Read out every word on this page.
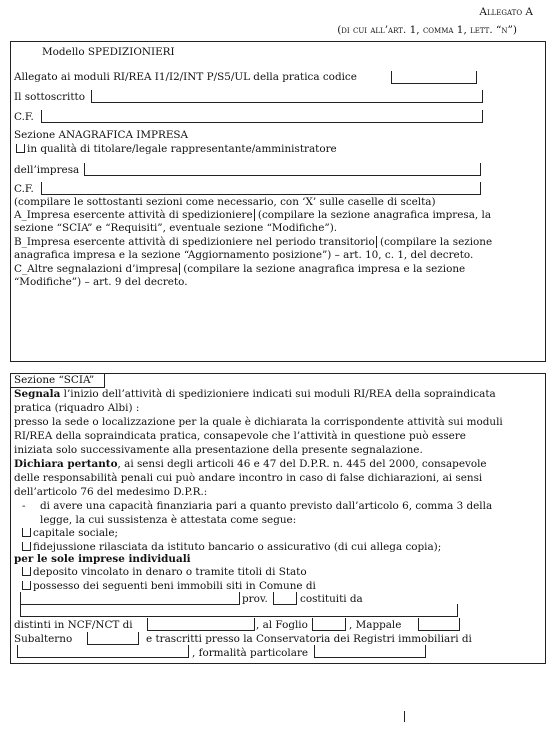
Allegato A
(di cui all’art. 1, comma 1, lett. “n”)
Modello SPEDIZIONIERI
Allegato ai moduli RI/REA I1/I2/INT P/S5/UL della pratica codice
Il sottoscritto
C.F.
Sezione ANAGRAFICA IMPRESA
in qualità di titolare/legale rappresentante/amministratore
dell’impresa
C.F.
(compilare le sottostanti sezioni come necessario, con ‘X’ sulle caselle di scelta)
A_Impresa esercente attività di spedizioniere (compilare la sezione anagrafica impresa, la
sezione “SCIA” e “Requisiti”, eventuale sezione “Modifiche”).
B_Impresa esercente attività di spedizioniere nel periodo transitorio (compilare la sezione
anagrafica impresa e la sezione “Aggiornamento posizione”) – art. 10, c. 1, del decreto.
C_Altre segnalazioni d’impresa (compilare la sezione anagrafica impresa e la sezione
“Modifiche”) – art. 9 del decreto.
Sezione “SCIA”
Segnala l’inizio dell’attività di spedizioniere indicati sui moduli RI/REA della sopraindicata
pratica (riquadro Albi) :
presso la sede o localizzazione per la quale è dichiarata la corrispondente attività sui moduli
RI/REA della sopraindicata pratica, consapevole che l’attività in questione può essere
iniziata solo successivamente alla presentazione della presente segnalazione.
Dichiara pertanto, ai sensi degli articoli 46 e 47 del D.P.R. n. 445 del 2000, consapevole
delle responsabilità penali cui può andare incontro in caso di false dichiarazioni, ai sensi
dell’articolo 76 del medesimo D.P.R.:
- di avere una capacità finanziaria pari a quanto previsto dall’articolo 6, comma 3 della
legge, la cui sussistenza è attestata come segue:
capitale sociale;
fidejussione rilasciata da istituto bancario o assicurativo (di cui allega copia);
per le sole imprese individuali
deposito vincolato in denaro o tramite titoli di Stato
possesso dei seguenti beni immobili siti in Comune di
prov.	costituiti da
distinti in NCF/NCT di	, al Foglio	, Mappale
Subalterno	e trascritti presso la Conservatoria dei Registri immobiliari di
, formalità particolare
